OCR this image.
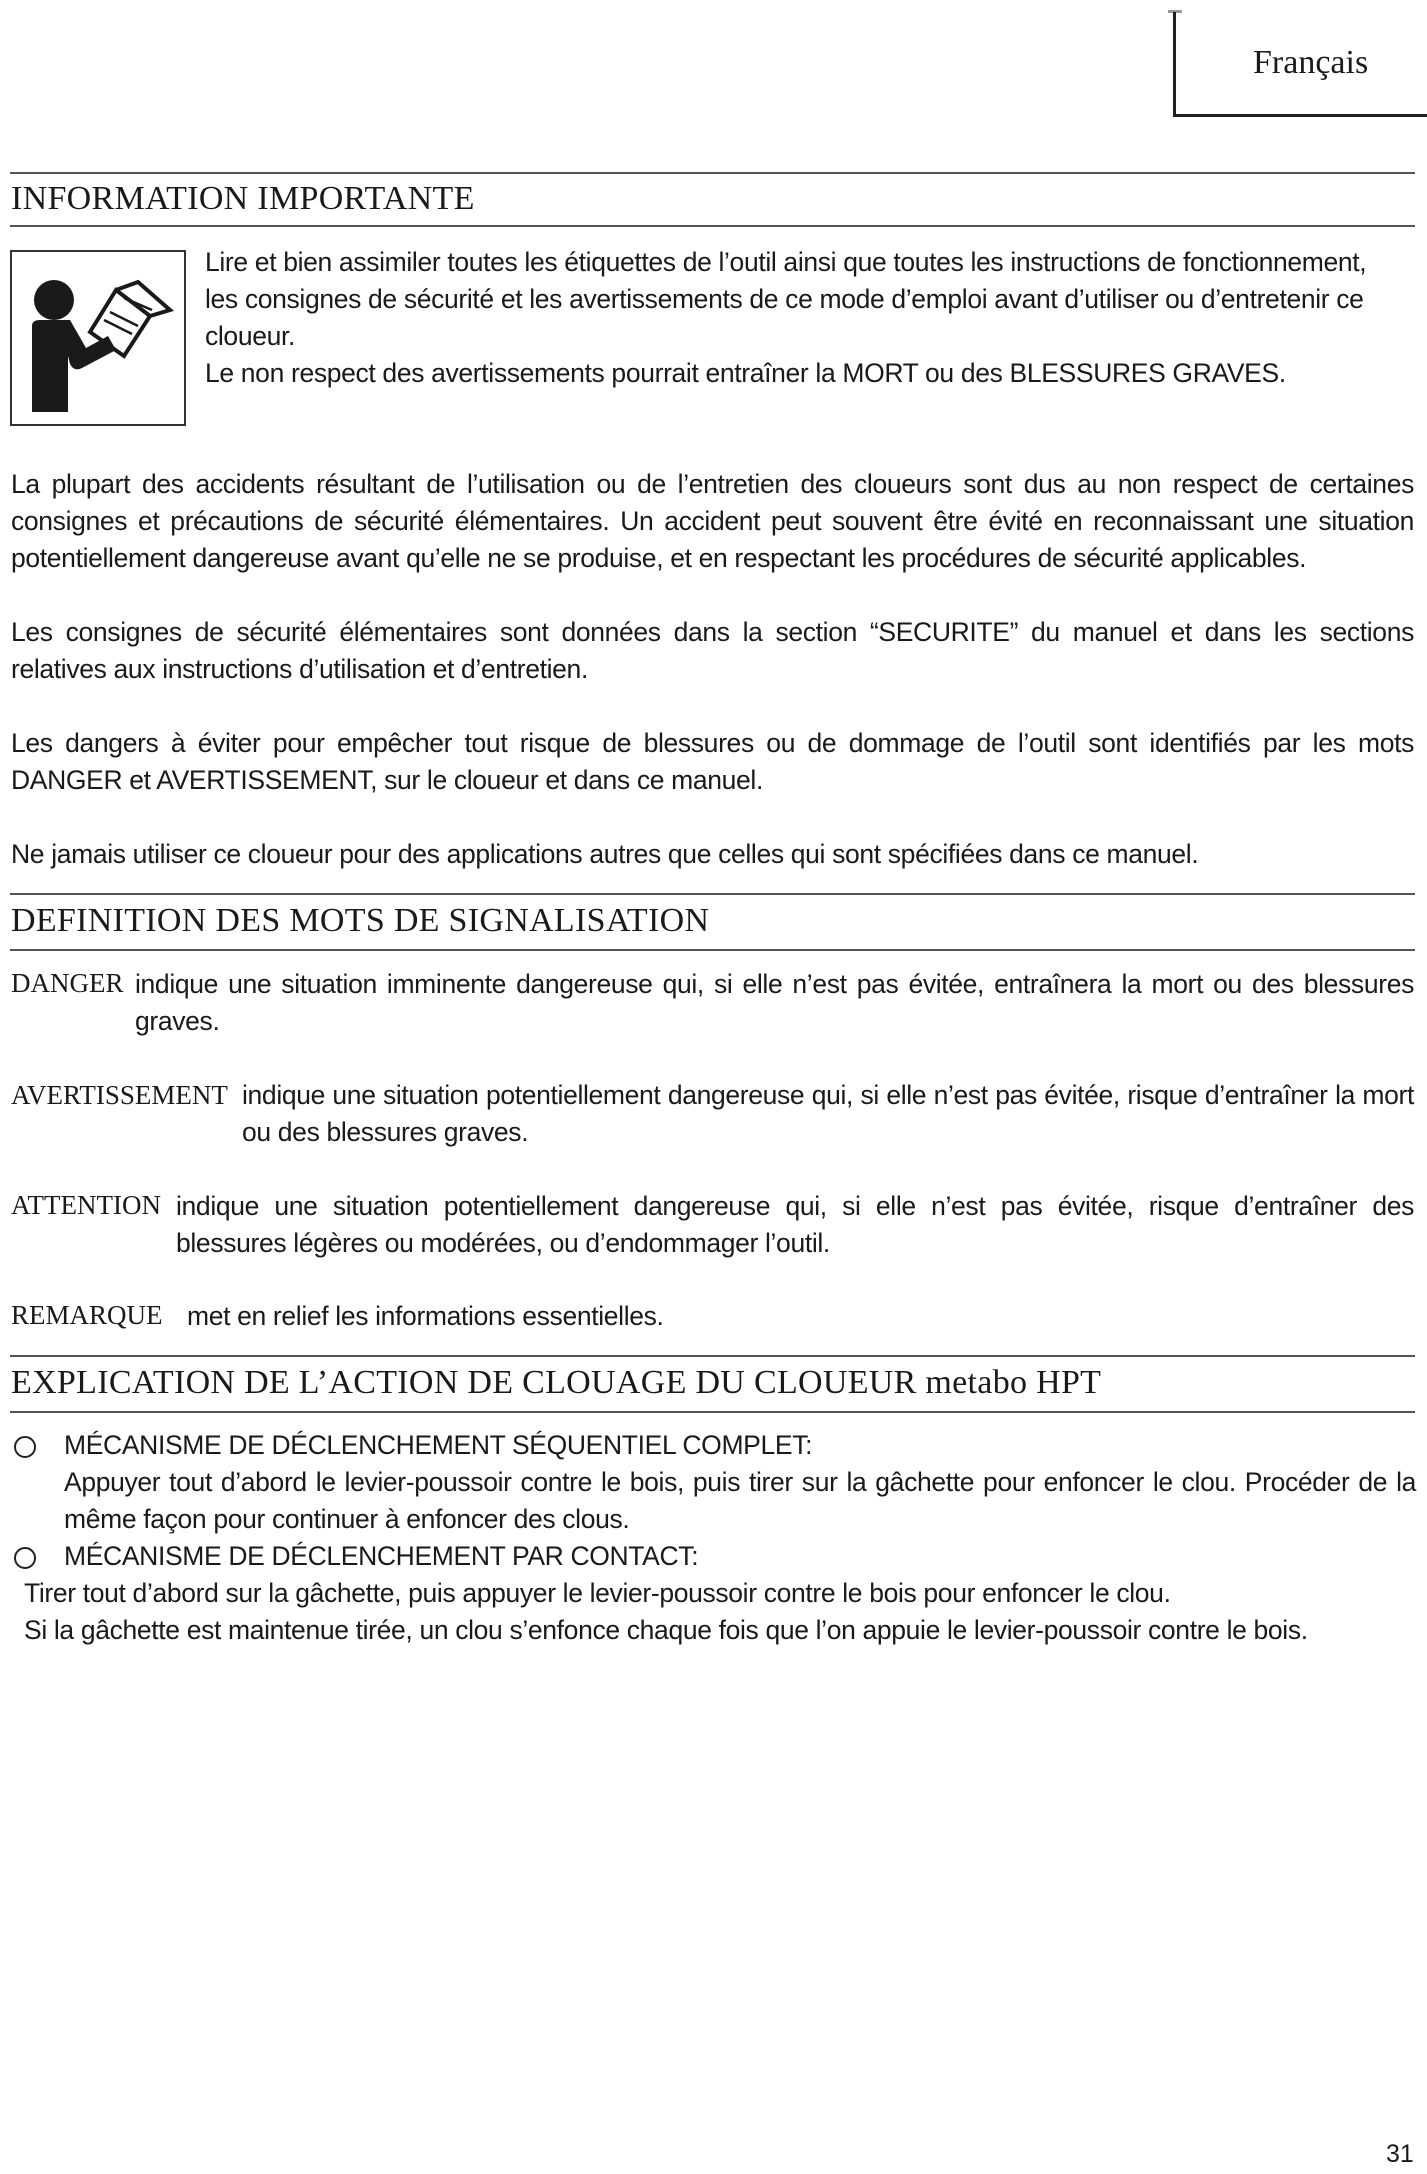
Français
INFORMATION IMPORTANTE
Lire et bien assimiler toutes les étiquettes de l’outil ainsi que toutes les instructions de fonctionnement,
les consignes de sécurité et les avertissements de ce mode d’emploi avant d’utiliser ou d’entretenir ce
cloueur.
Le non respect des avertissements pourrait entraîner la MORT ou des BLESSURES GRAVES.
La plupart des accidents résultant de l’utilisation ou de l’entretien des cloueurs sont dus au non respect de certaines consignes et précautions de sécurité élémentaires. Un accident peut souvent être évité en reconnaissant une situation potentiellement dangereuse avant qu’elle ne se produise, et en respectant les procédures de sécurité applicables.
Les consignes de sécurité élémentaires sont données dans la section “SECURITE” du manuel et dans les sections relatives aux instructions d’utilisation et d’entretien.
Les dangers à éviter pour empêcher tout risque de blessures ou de dommage de l’outil sont identifiés par les mots DANGER et AVERTISSEMENT, sur le cloueur et dans ce manuel.
Ne jamais utiliser ce cloueur pour des applications autres que celles qui sont spécifiées dans ce manuel.
DEFINITION DES MOTS DE SIGNALISATION
DANGER indique une situation imminente dangereuse qui, si elle n’est pas évitée, entraînera la mort ou des blessures graves.
AVERTISSEMENT indique une situation potentiellement dangereuse qui, si elle n’est pas évitée, risque d’entraîner la mort ou des blessures graves.
ATTENTION indique une situation potentiellement dangereuse qui, si elle n’est pas évitée, risque d’entraîner des blessures légères ou modérées, ou d’endommager l’outil.
REMARQUE met en relief les informations essentielles.
EXPLICATION DE L’ACTION DE CLOUAGE DU CLOUEUR metabo HPT
MÉCANISME DE DÉCLENCHEMENT SÉQUENTIEL COMPLET:
Appuyer tout d’abord le levier-poussoir contre le bois, puis tirer sur la gâchette pour enfoncer le clou. Procéder de la même façon pour continuer à enfoncer des clous.
MÉCANISME DE DÉCLENCHEMENT PAR CONTACT:
Tirer tout d’abord sur la gâchette, puis appuyer le levier-poussoir contre le bois pour enfoncer le clou.
Si la gâchette est maintenue tirée, un clou s’enfonce chaque fois que l’on appuie le levier-poussoir contre le bois.
31
